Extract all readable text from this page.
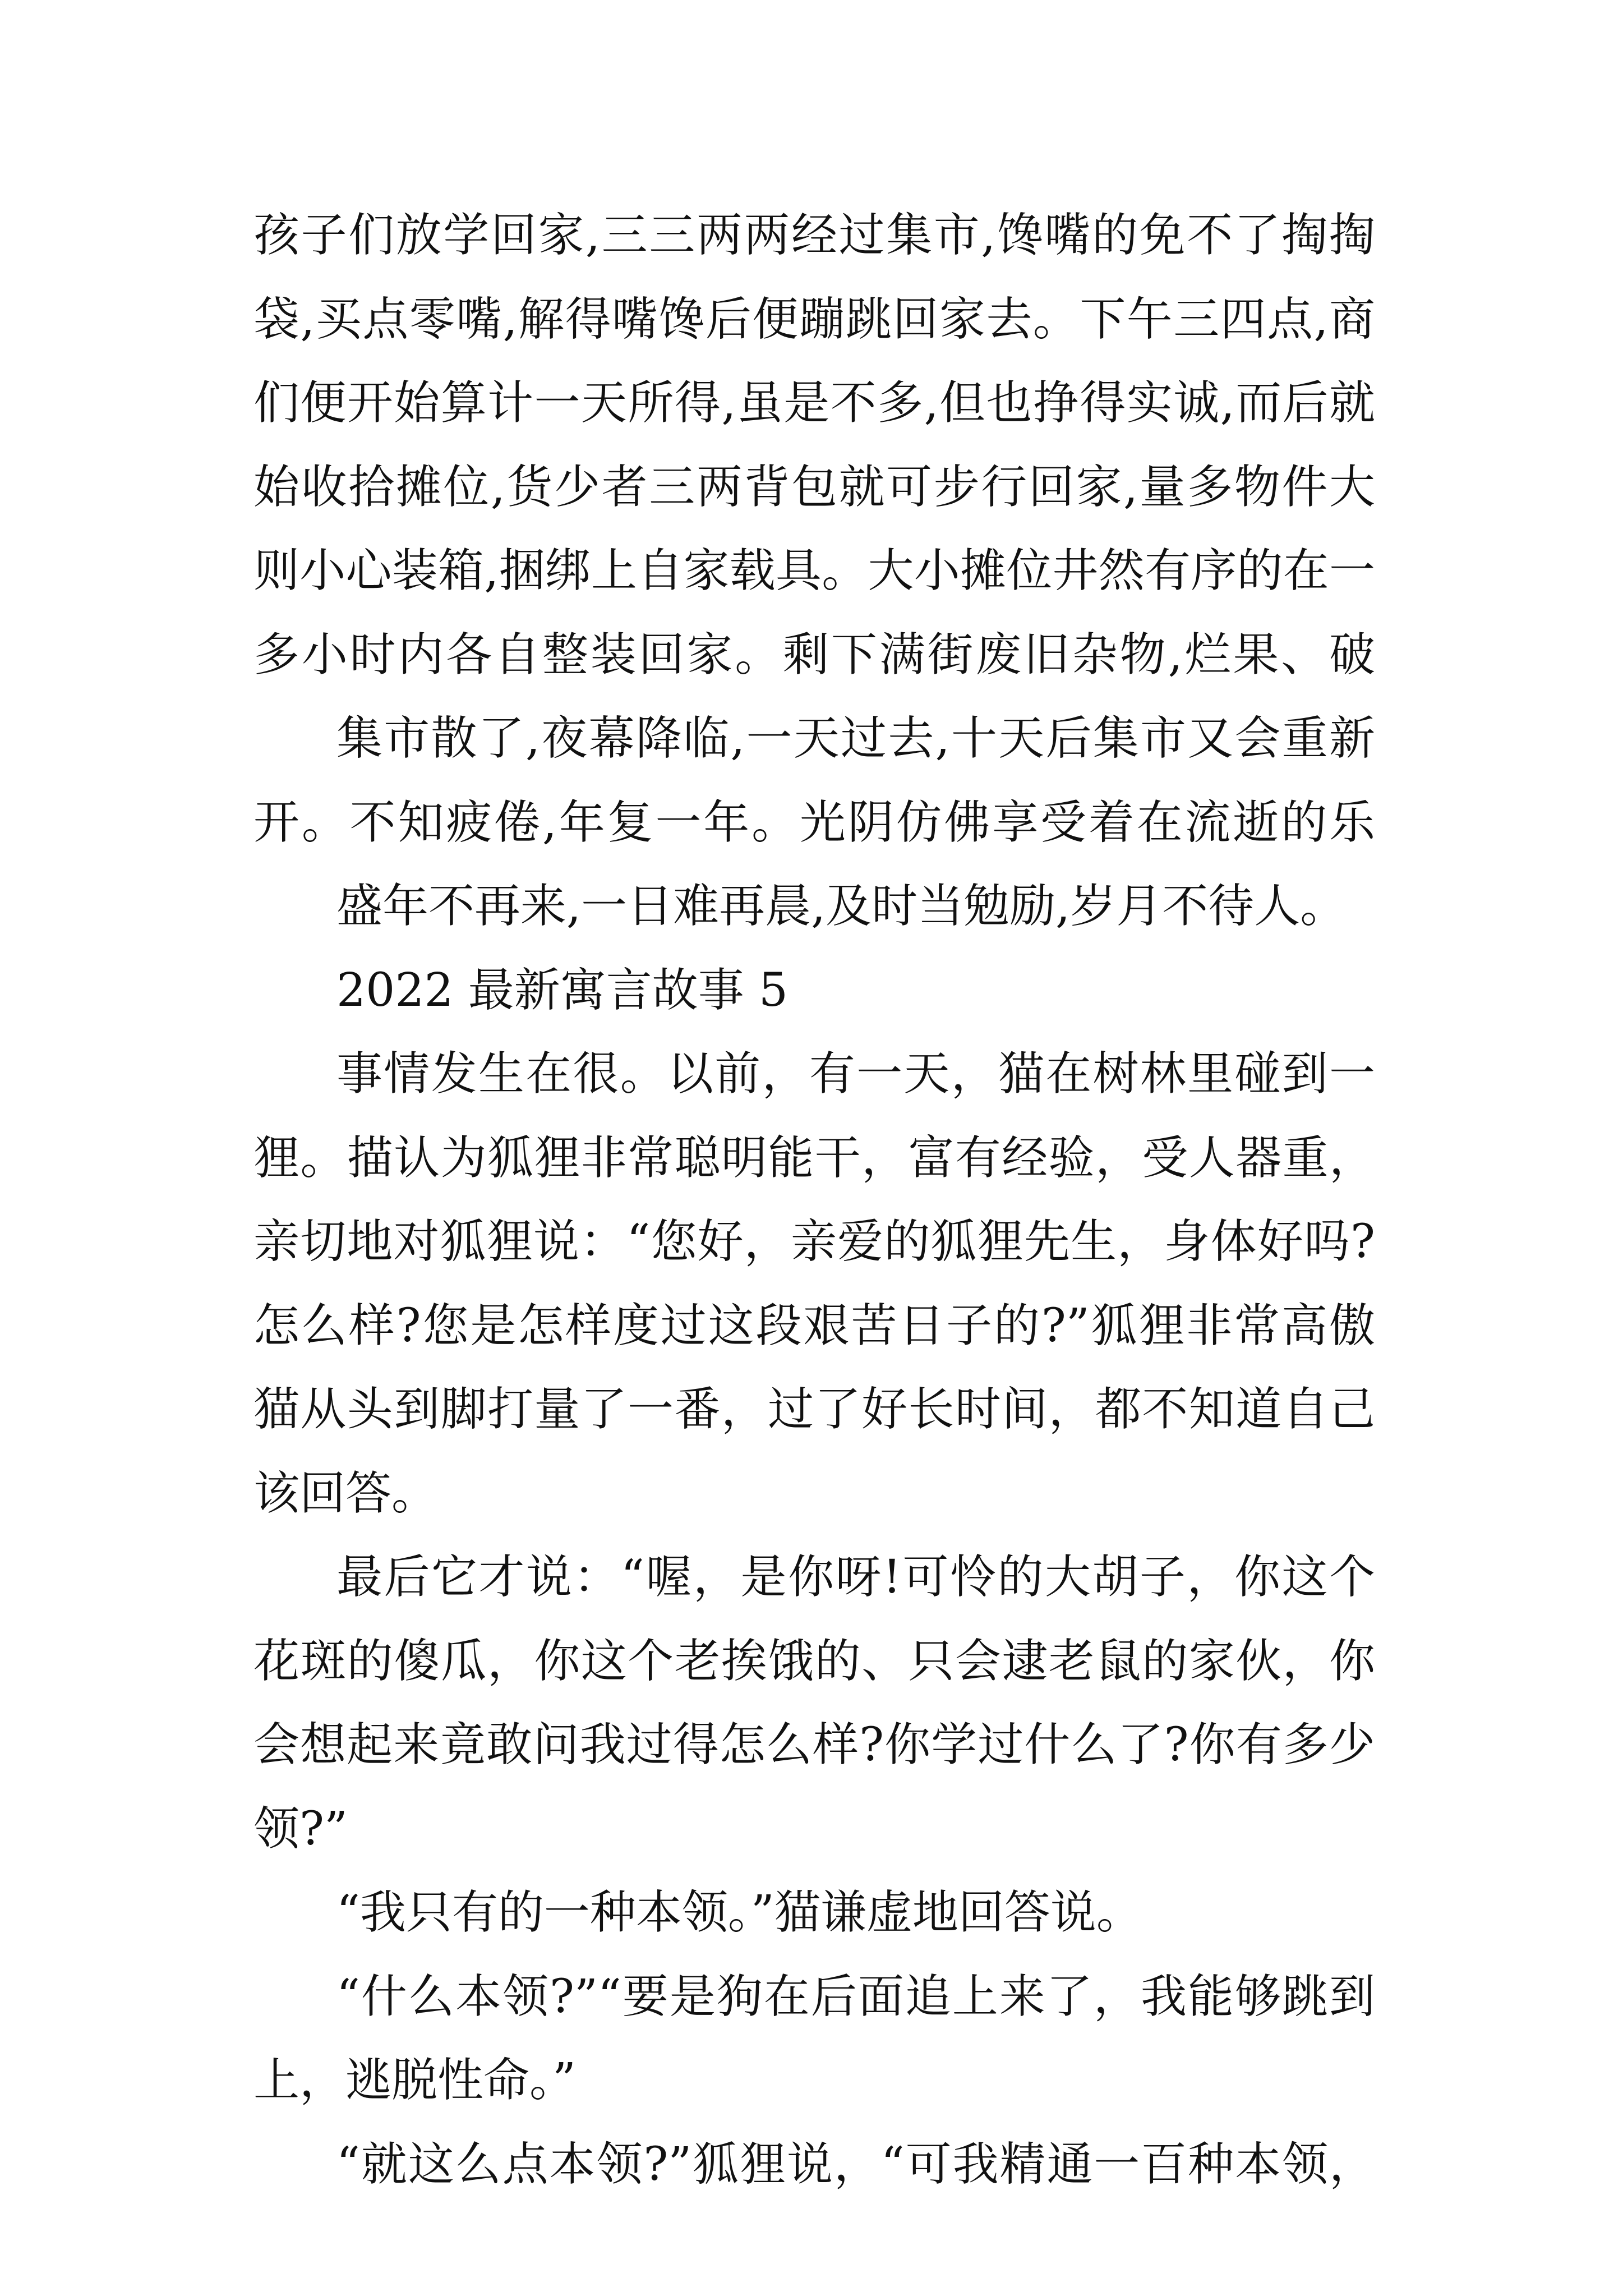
孩子们放学回家,三三两两经过集市,馋嘴的免不了掏掏
袋,买点零嘴,解得嘴馋后便蹦跳回家去。下午三四点,商
们便开始算计一天所得,虽是不多,但也挣得实诚,而后就
始收拾摊位,货少者三两背包就可步行回家,量多物件大
则小心装箱,捆绑上自家载具。大小摊位井然有序的在一
多小时内各自整装回家。剩下满街废旧杂物,烂果、破
集市散了,夜幕降临,一天过去,十天后集市又会重新
开。不知疲倦,年复一年。光阴仿佛享受着在流逝的乐
盛年不再来,一日难再晨,及时当勉励,岁月不待人。
2022 最新寓言故事 5
事情发生在很。以前，有一天，猫在树林里碰到一
狸。描认为狐狸非常聪明能干，富有经验，受人器重，
亲切地对狐狸说：“您好，亲爱的狐狸先生，身体好吗?
怎么样?您是怎样度过这段艰苦日子的?”狐狸非常高傲
猫从头到脚打量了一番，过了好长时间，都不知道自己
该回答。
最后它才说：“喔，是你呀!可怜的大胡子，你这个
花斑的傻瓜，你这个老挨饿的、只会逮老鼠的家伙，你
会想起来竟敢问我过得怎么样?你学过什么了?你有多少
领?”
“我只有的一种本领。”猫谦虚地回答说。
“什么本领?”“要是狗在后面追上来了，我能够跳到
上，逃脱性命。”
“就这么点本领?”狐狸说，“可我精通一百种本领，
